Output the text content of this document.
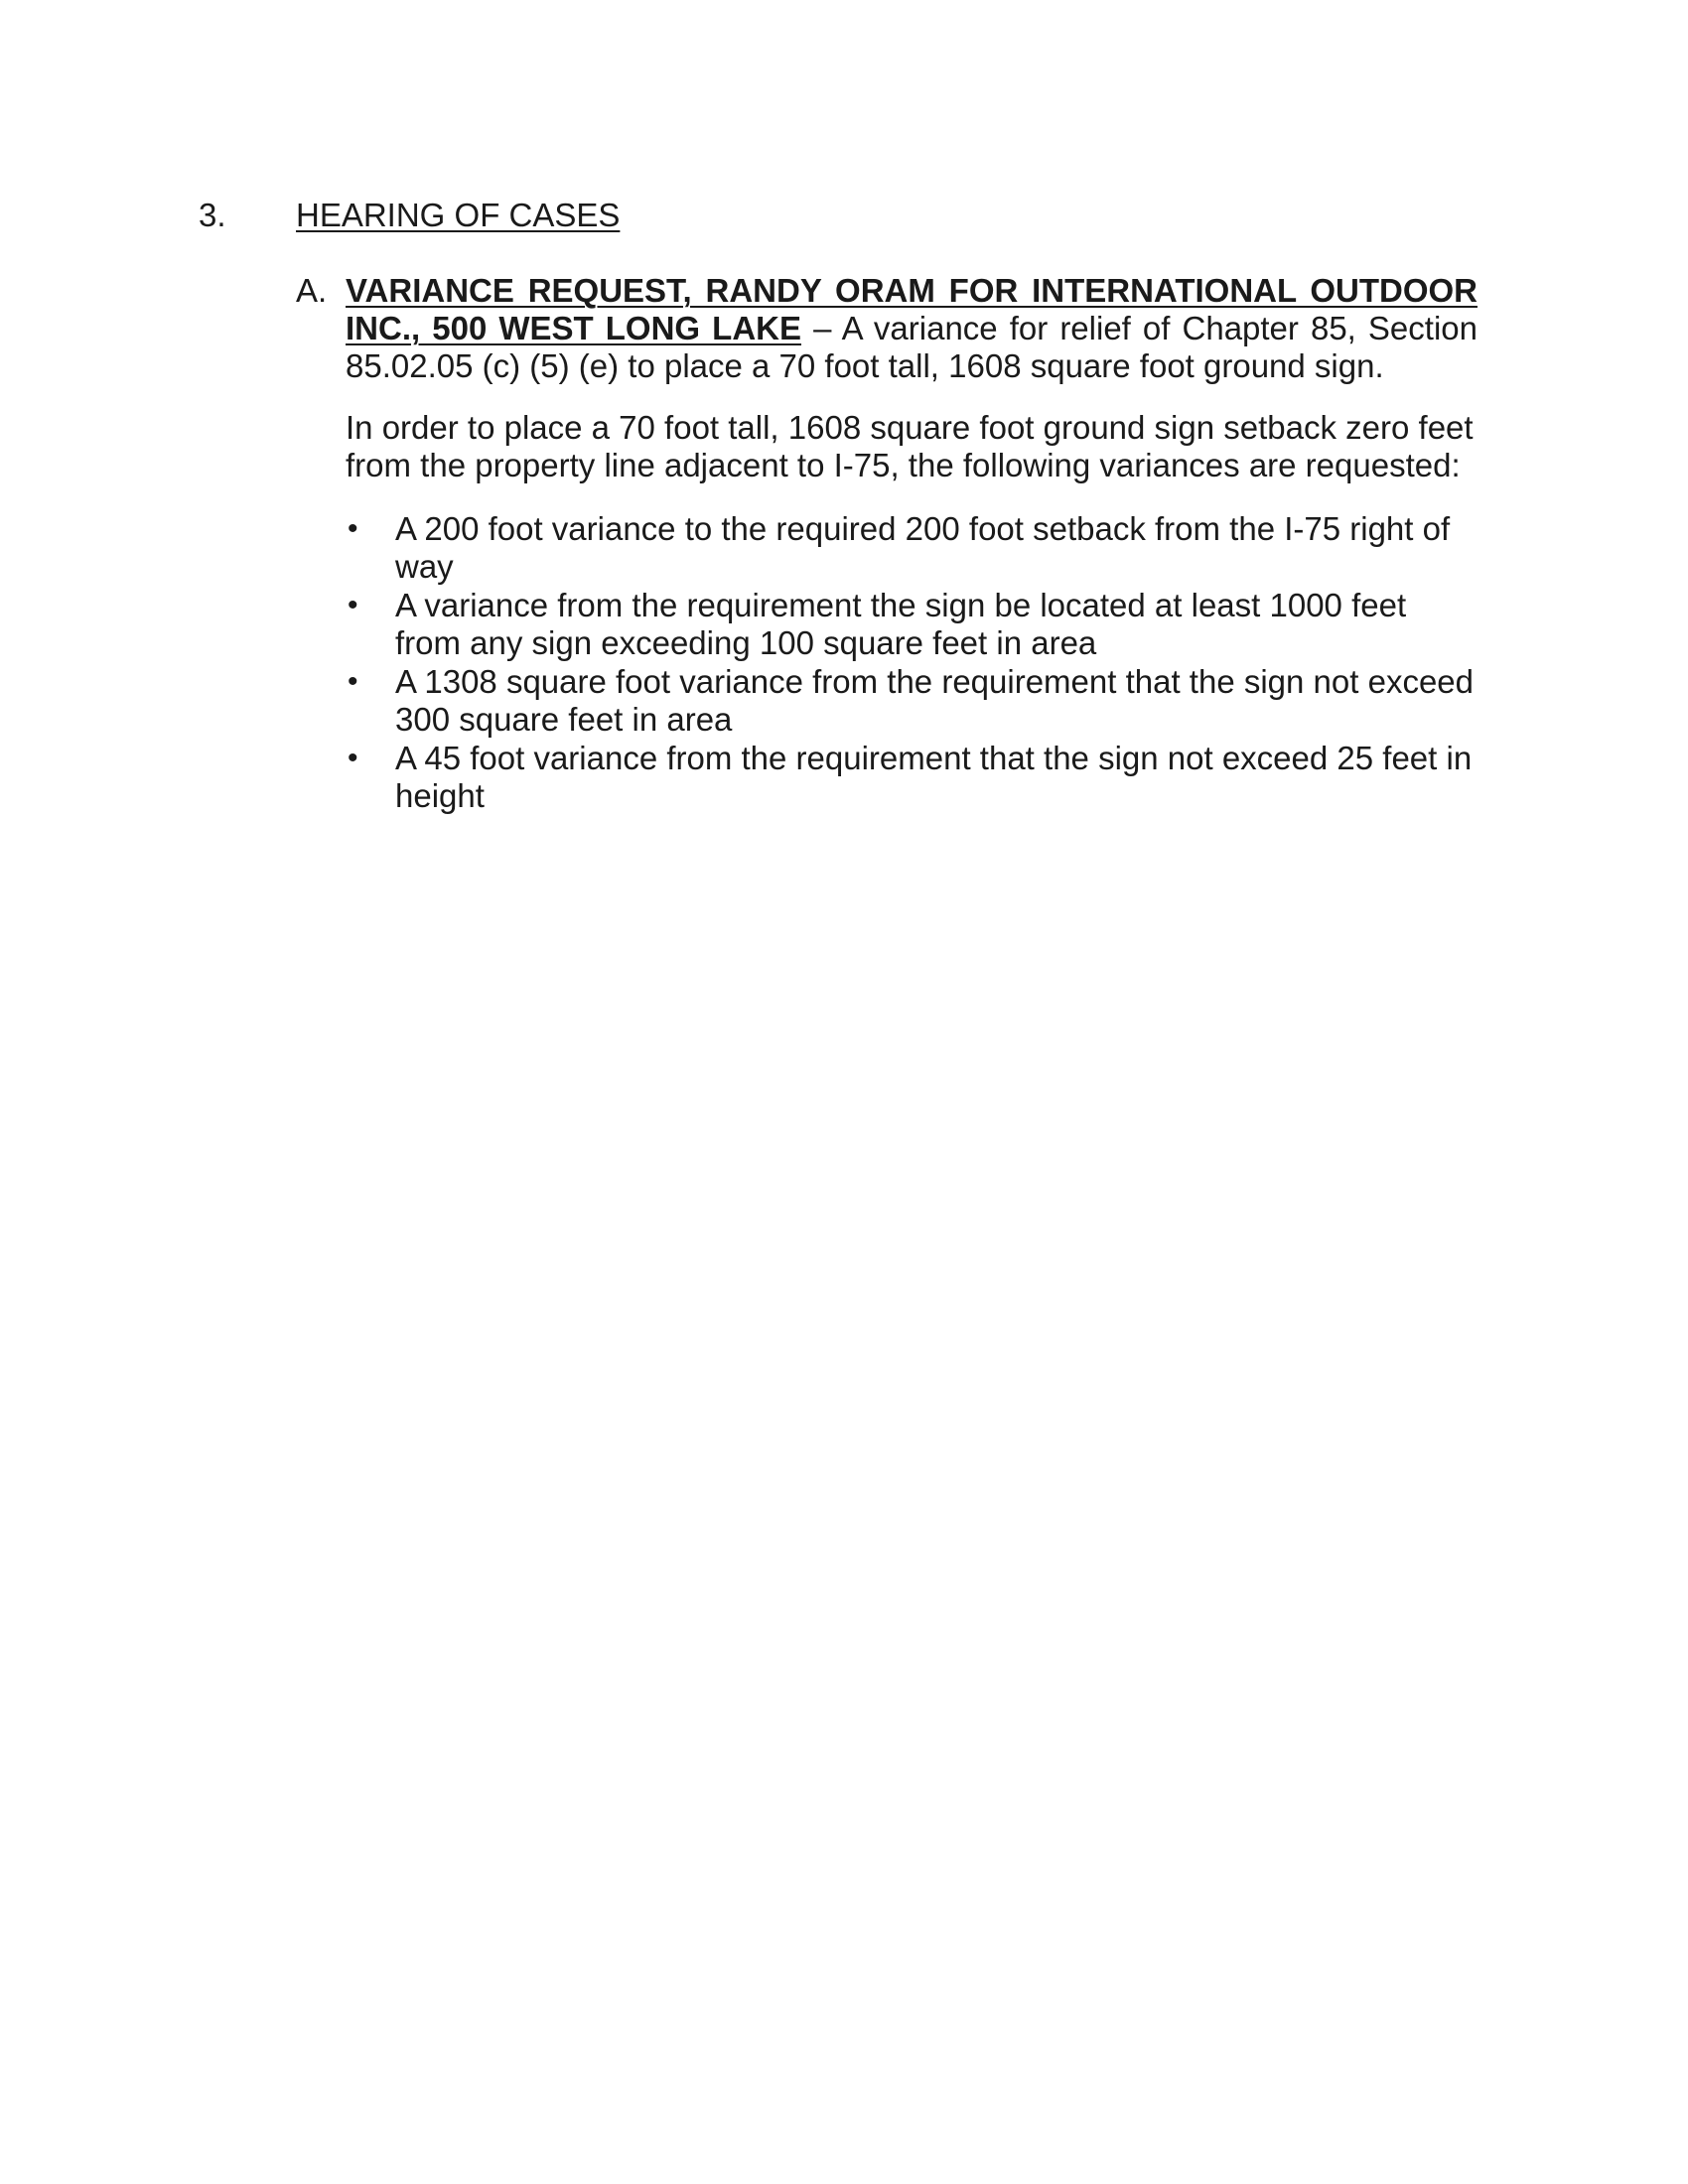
3. HEARING OF CASES
A. VARIANCE REQUEST, RANDY ORAM FOR INTERNATIONAL OUTDOOR INC., 500 WEST LONG LAKE – A variance for relief of Chapter 85, Section 85.02.05 (c) (5) (e) to place a 70 foot tall, 1608 square foot ground sign.

In order to place a 70 foot tall, 1608 square foot ground sign setback zero feet from the property line adjacent to I-75, the following variances are requested:

• A 200 foot variance to the required 200 foot setback from the I-75 right of way
• A variance from the requirement the sign be located at least 1000 feet from any sign exceeding 100 square feet in area
• A 1308 square foot variance from the requirement that the sign not exceed 300 square feet in area
• A 45 foot variance from the requirement that the sign not exceed 25 feet in height
